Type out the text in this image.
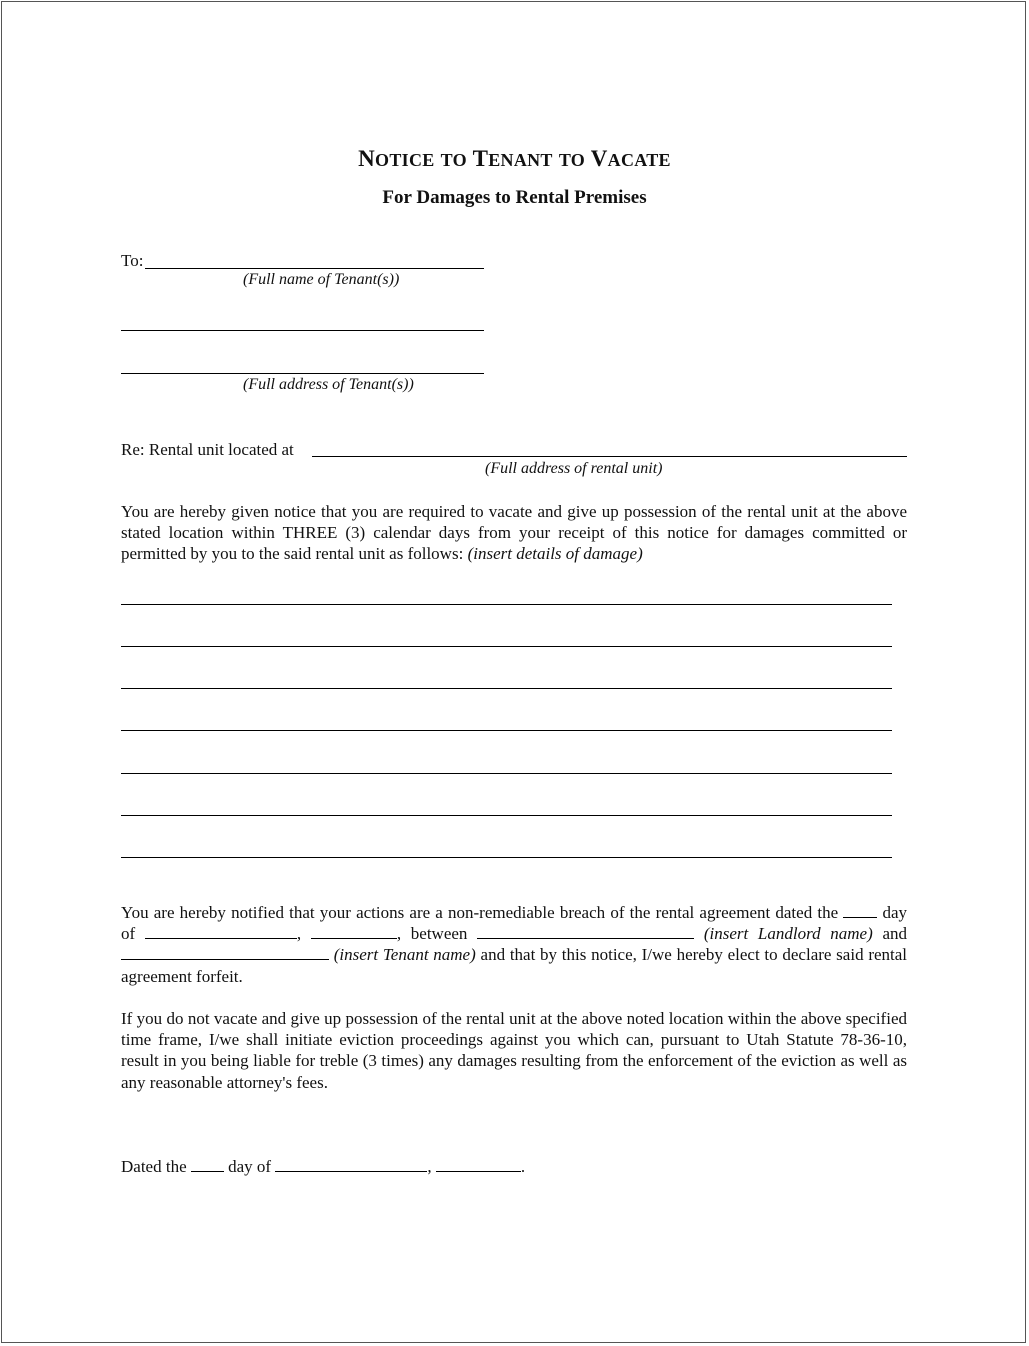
NOTICE TO TENANT TO VACATE
For Damages to Rental Premises
To:
(Full name of Tenant(s))
(Full address of Tenant(s))
Re: Rental unit located at
(Full address of rental unit)
You are hereby given notice that you are required to vacate and give up possession of the rental unit at the above stated location within THREE (3) calendar days from your receipt of this notice for damages committed or permitted by you to the said rental unit as follows: (insert details of damage)
You are hereby notified that your actions are a non-remediable breach of the rental agreement dated the	day of	,	, between	(insert Landlord name) and  (insert Tenant name) and that by this notice, I/we hereby elect to declare said rental agreement forfeit.
If you do not vacate and give up possession of the rental unit at the above noted location within the above specified time frame, I/we shall initiate eviction proceedings against you which can, pursuant to Utah Statute 78-36-10, result in you being liable for treble (3 times) any damages resulting from the enforcement of the eviction as well as any reasonable attorney's fees.
Dated the day of	,	.
